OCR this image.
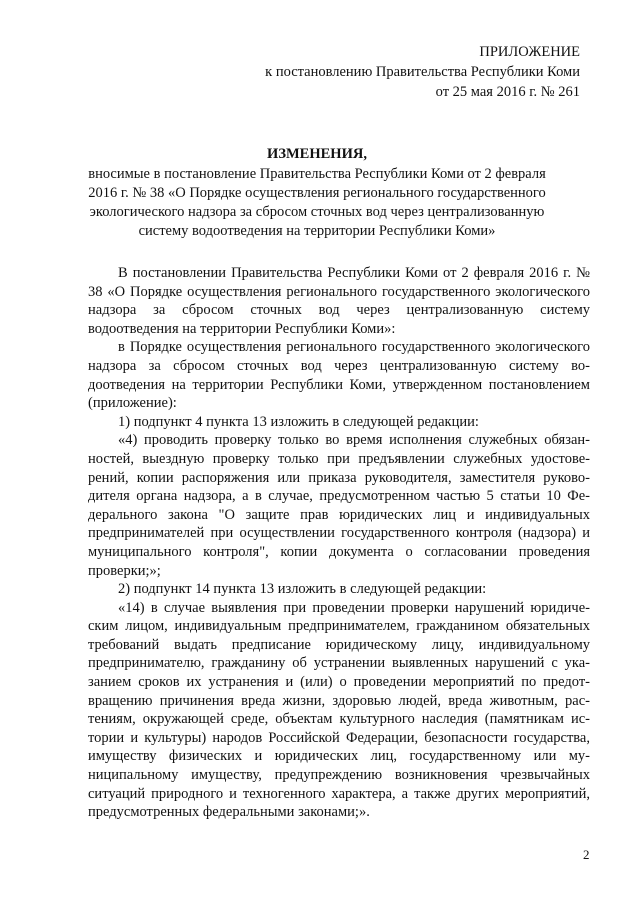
ПРИЛОЖЕНИЕ
к постановлению Правительства Республики Коми
от 25 мая 2016 г. № 261
ИЗМЕНЕНИЯ,
вносимые в постановление Правительства Республики Коми от 2 февраля 2016 г. № 38 «О Порядке осуществления регионального государственного экологического надзора за сбросом сточных вод через централизованную систему водоотведения на территории Республики Коми»

В постановлении Правительства Республики Коми от 2 февраля 2016 г. № 38 «О Порядке осуществления регионального государственного экологического надзора за сбросом сточных вод через централизованную систему водоотведения на территории Республики Коми»:

в Порядке осуществления регионального государственного экологического надзора за сбросом сточных вод через централизованную систему водоотведения на территории Республики Коми, утвержденном постановлением (приложение):

1) подпункт 4 пункта 13 изложить в следующей редакции:

«4) проводить проверку только во время исполнения служебных обязанностей, выездную проверку только при предъявлении служебных удостоверений, копии распоряжения или приказа руководителя, заместителя руководителя органа надзора, а в случае, предусмотренном частью 5 статьи 10 Федерального закона "О защите прав юридических лиц и индивидуальных предпринимателей при осуществлении государственного контроля (надзора) и муниципального контроля", копии документа о согласовании проведения проверки;»;

2) подпункт 14 пункта 13 изложить в следующей редакции:

«14) в случае выявления при проведении проверки нарушений юридическим лицом, индивидуальным предпринимателем, гражданином обязательных требований выдать предписание юридическому лицу, индивидуальному предпринимателю, гражданину об устранении выявленных нарушений с указанием сроков их устранения и (или) о проведении мероприятий по предотвращению причинения вреда жизни, здоровью людей, вреда животным, растениям, окружающей среде, объектам культурного наследия (памятникам истории и культуры) народов Российской Федерации, безопасности государства, имуществу физических и юридических лиц, государственному или муниципальному имуществу, предупреждению возникновения чрезвычайных ситуаций природного и техногенного характера, а также других мероприятий, предусмотренных федеральными законами;».

2
